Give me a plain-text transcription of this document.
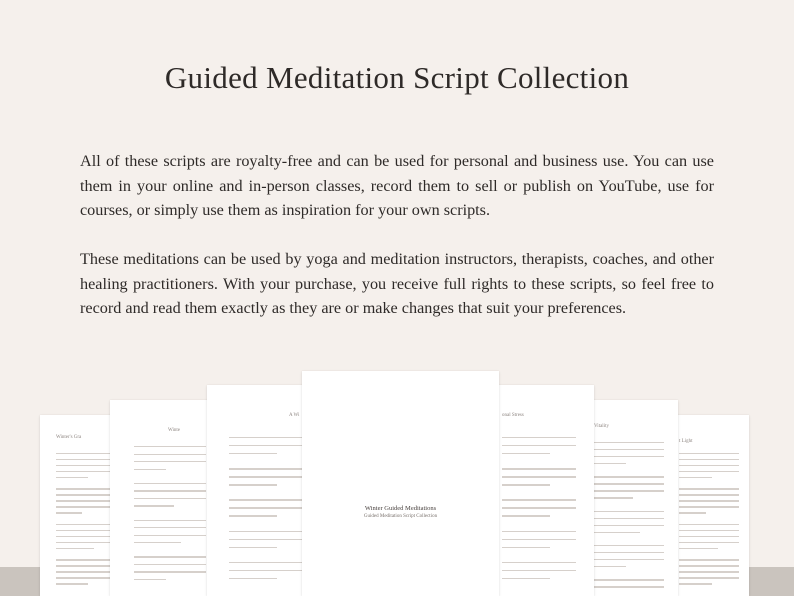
Guided Meditation Script Collection

All of these scripts are royalty-free and can be used for personal and business use. You can use them in your online and in-person classes, record them to sell or publish on YouTube, use for courses, or simply use them as inspiration for your own scripts.

These meditations can be used by yoga and meditation instructors, therapists, coaches, and other healing practitioners. With your purchase, you receive full rights to these scripts, so feel free to record and read them exactly as they are or make changes that suit your preferences.

Winter's Gra
Winte
A Wi
t Light
Vitality
onal Stress
Winter Guided Meditations
Guided Meditation Script Collection
